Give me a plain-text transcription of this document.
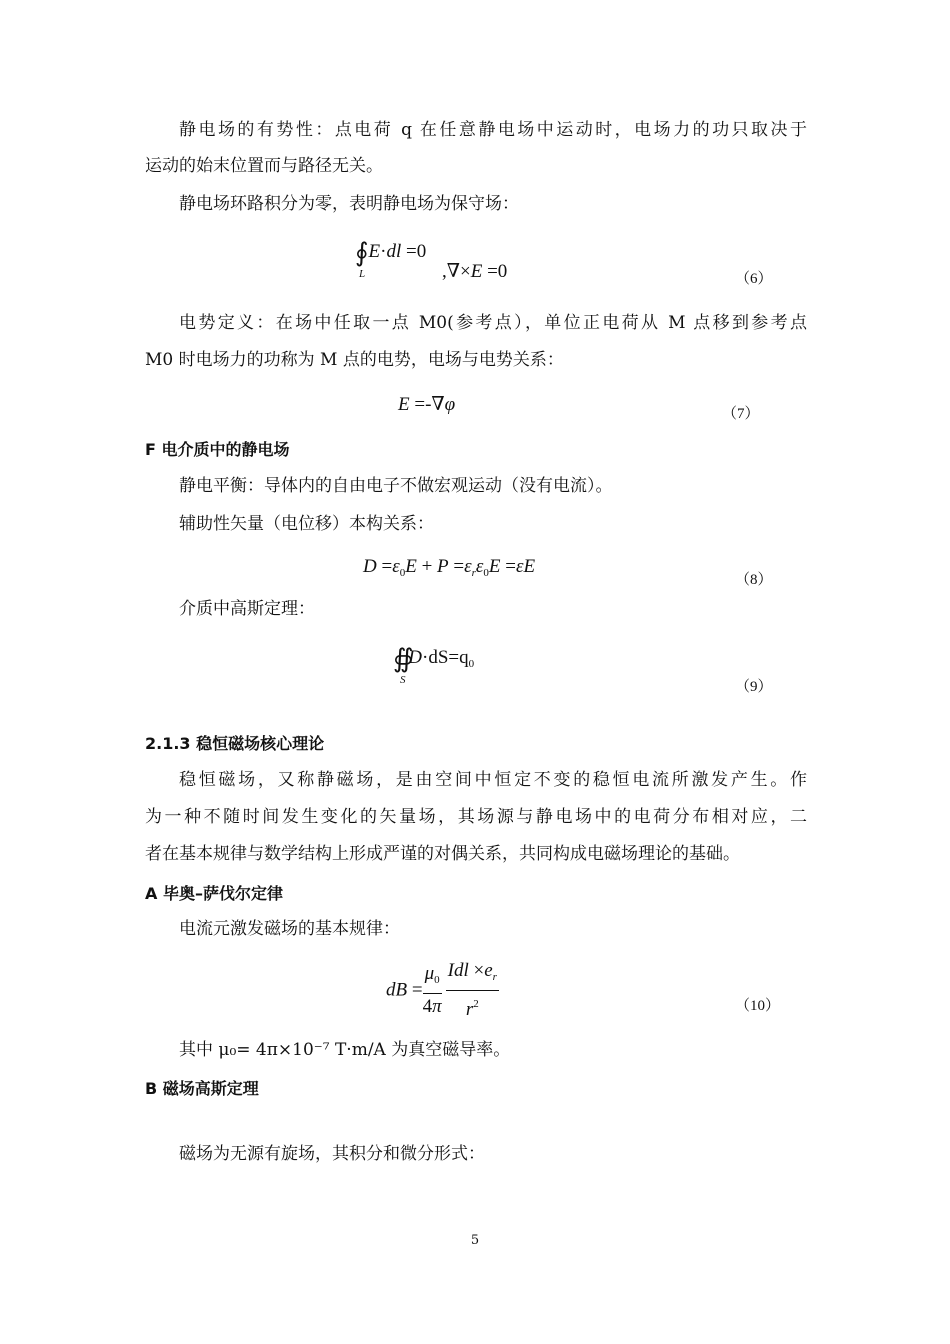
静电场的有势性：点电荷 q 在任意静电场中运动时，电场力的功只取决于

运动的始末位置而与路径无关。

静电场环路积分为零，表明静电场为保守场：

∮E·dl =0
L	,∇×E =0	（6）

电势定义：在场中任取一点 M0(参考点），单位正电荷从 M 点移到参考点

M0 时电场力的功称为 M 点的电势，电场与电势关系：

E =-∇φ	（7）
F 电介质中的静电场

静电平衡：导体内的自由电子不做宏观运动（没有电流）。

辅助性矢量（电位移）本构关系：

$D =\varepsilon_0E + P =\varepsilon_r\varepsilon_0E =\varepsilon E$
（8）

介质中高斯定理：

∯ $D\cdot dS=q_0$
S	（9）
2.1.3 稳恒磁场核心理论

稳恒磁场，又称静磁场，是由空间中恒定不变的稳恒电流所激发产生。作

为一种不随时间发生变化的矢量场，其场源与静电场中的电荷分布相对应，二

者在基本规律与数学结构上形成严谨的对偶关系，共同构成电磁场理论的基础。

A 毕奥–萨伐尔定律

电流元激发磁场的基本规律：

dB = $\frac{\mu_0}{4\pi} \frac{Idl \times e_r}{r^2}$	（10）

其中 μ₀= 4π×10⁻⁷ T·m/A 为真空磁导率。

B 磁场高斯定理

磁场为无源有旋场，其积分和微分形式：

5
